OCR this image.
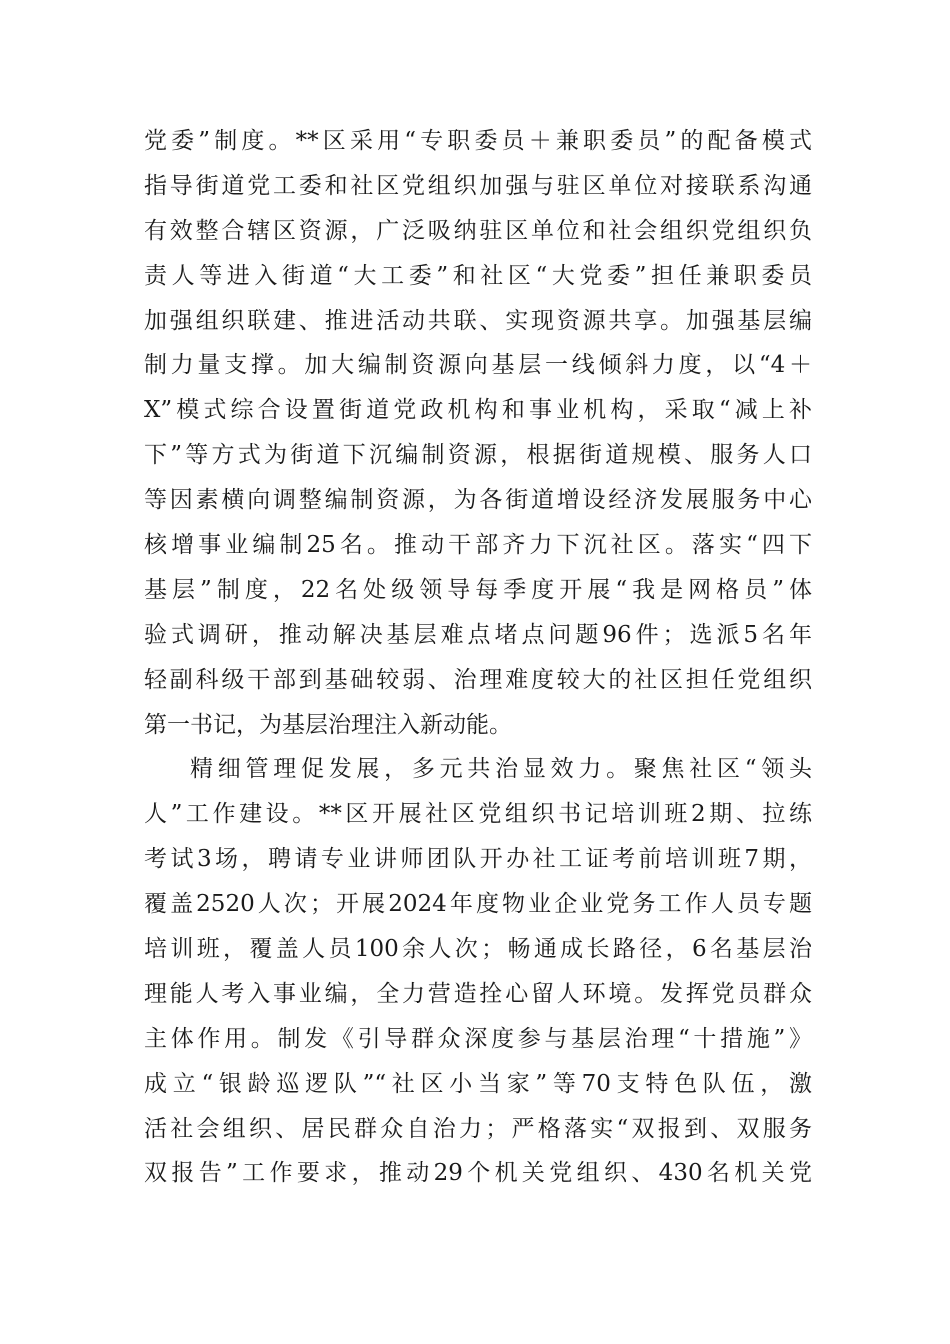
党委”制度。**区采用“专职委员＋兼职委员”的配备模式
指导街道党工委和社区党组织加强与驻区单位对接联系沟通
有效整合辖区资源，广泛吸纳驻区单位和社会组织党组织负
责人等进入街道“大工委”和社区“大党委”担任兼职委员
加强组织联建、推进活动共联、实现资源共享。加强基层编
制力量支撑。加大编制资源向基层一线倾斜力度，以“4＋
X”模式综合设置街道党政机构和事业机构，采取“减上补
下”等方式为街道下沉编制资源，根据街道规模、服务人口
等因素横向调整编制资源，为各街道增设经济发展服务中心
核增事业编制25名。推动干部齐力下沉社区。落实“四下
基层”制度，22名处级领导每季度开展“我是网格员”体
验式调研，推动解决基层难点堵点问题96件；选派5名年
轻副科级干部到基础较弱、治理难度较大的社区担任党组织
第一书记，为基层治理注入新动能。
精细管理促发展，多元共治显效力。聚焦社区“领头
人”工作建设。**区开展社区党组织书记培训班2期、拉练
考试3场，聘请专业讲师团队开办社工证考前培训班7期，
覆盖2520人次；开展2024年度物业企业党务工作人员专题
培训班，覆盖人员100余人次；畅通成长路径，6名基层治
理能人考入事业编，全力营造拴心留人环境。发挥党员群众
主体作用。制发《引导群众深度参与基层治理“十措施”》
成立“银龄巡逻队”“社区小当家”等70支特色队伍，激
活社会组织、居民群众自治力；严格落实“双报到、双服务
双报告”工作要求，推动29个机关党组织、430名机关党
